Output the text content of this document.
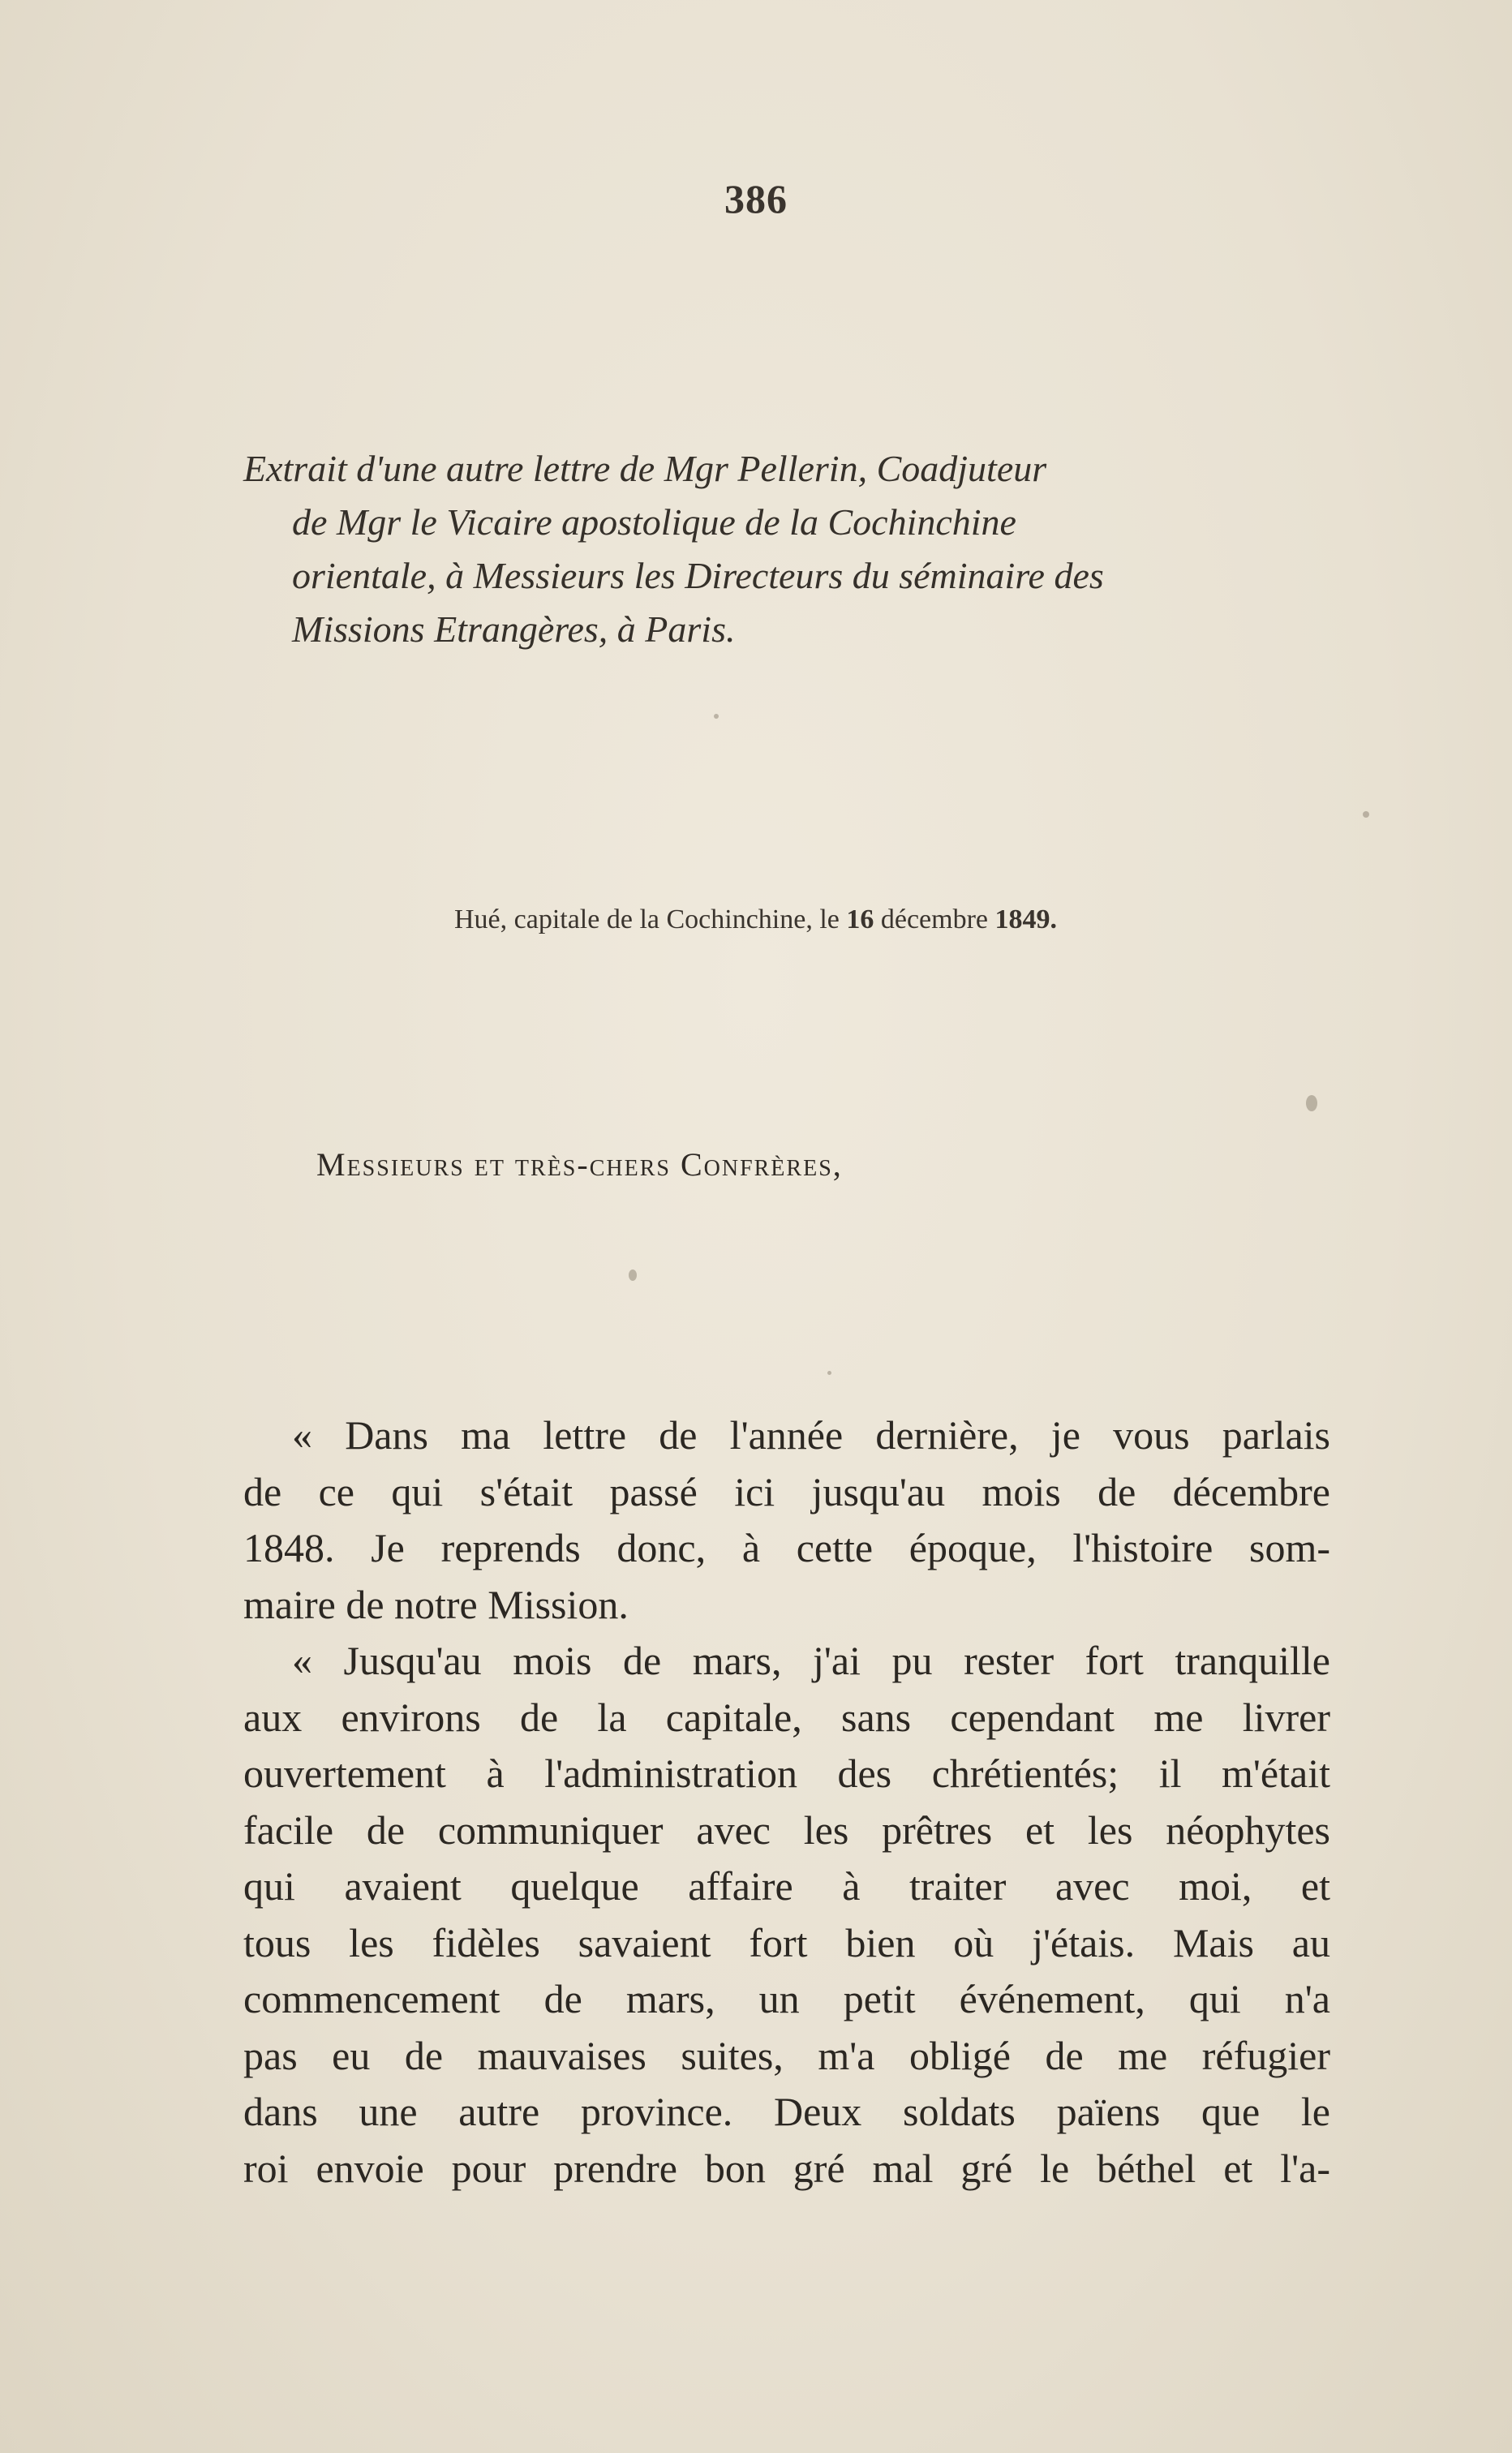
386
Extrait d'une autre lettre de Mgr Pellerin, Coadjuteur
de Mgr le Vicaire apostolique de la Cochinchine
orientale, à Messieurs les Directeurs du séminaire des
Missions Etrangères, à Paris.
Hué, capitale de la Cochinchine, le 16 décembre 1849.
Messieurs et très-chers Confrères,
« Dans ma lettre de l'année dernière, je vous parlais
de ce qui s'était passé ici jusqu'au mois de décembre
1848. Je reprends donc, à cette époque, l'histoire som-
maire de notre Mission.
« Jusqu'au mois de mars, j'ai pu rester fort tranquille
aux environs de la capitale, sans cependant me livrer
ouvertement à l'administration des chrétientés; il m'était
facile de communiquer avec les prêtres et les néophytes
qui avaient quelque affaire à traiter avec moi, et
tous les fidèles savaient fort bien où j'étais. Mais au
commencement de mars, un petit événement, qui n'a
pas eu de mauvaises suites, m'a obligé de me réfugier
dans une autre province. Deux soldats païens que le
roi envoie pour prendre bon gré mal gré le béthel et l'a-
